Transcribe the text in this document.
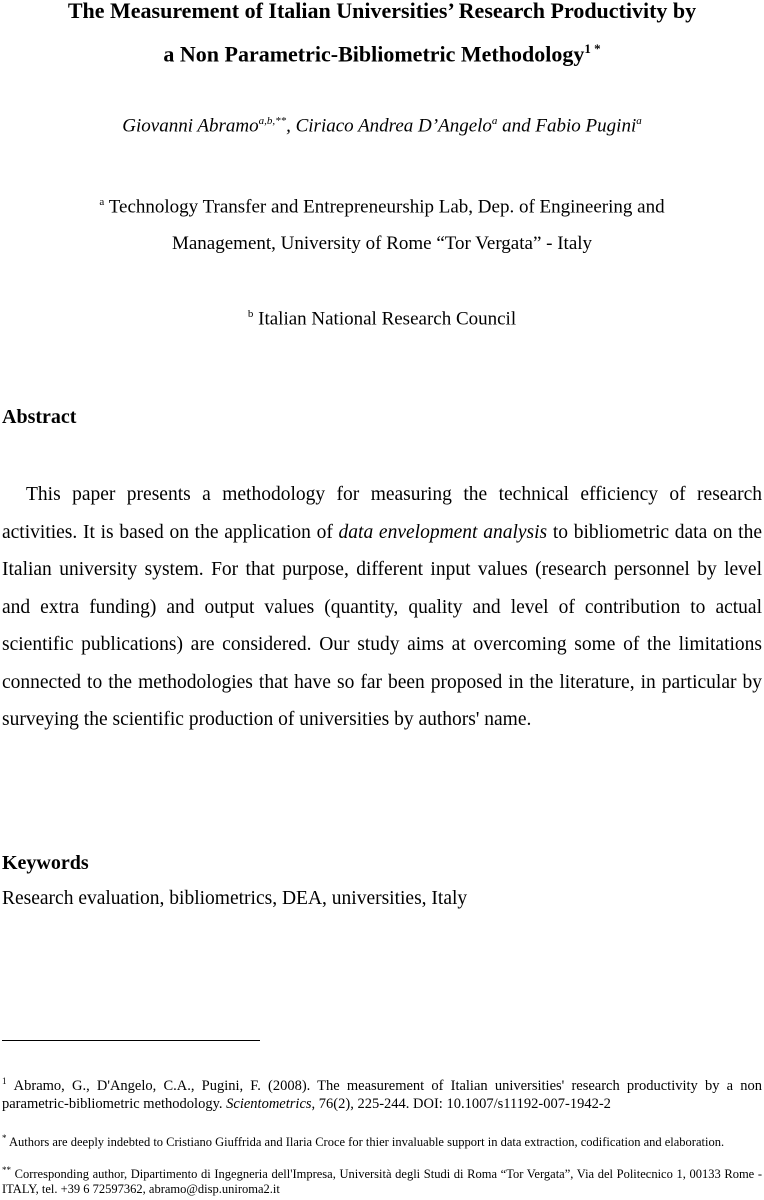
The Measurement of Italian Universities’ Research Productivity by
a Non Parametric-Bibliometric Methodology$^{1 *}$
Giovanni Abramo$^{a,b,**}$, Ciriaco Andrea D’Angelo$^a$ and Fabio Pugini$^a$
$^a$ Technology Transfer and Entrepreneurship Lab, Dep. of Engineering and
Management, University of Rome “Tor Vergata” - Italy
$^b$ Italian National Research Council
Abstract
This paper presents a methodology for measuring the technical efficiency of research activities. It is based on the application of data envelopment analysis to bibliometric data on the Italian university system. For that purpose, different input values (research personnel by level and extra funding) and output values (quantity, quality and level of contribution to actual scientific publications) are considered. Our study aims at overcoming some of the limitations connected to the methodologies that have so far been proposed in the literature, in particular by surveying the scientific production of universities by authors' name.
Keywords
Research evaluation, bibliometrics, DEA, universities, Italy
$^1$ Abramo, G., D'Angelo, C.A., Pugini, F. (2008). The measurement of Italian universities' research productivity by a non parametric-bibliometric methodology. Scientometrics, 76(2), 225-244. DOI: 10.1007/s11192-007-1942-2
* Authors are deeply indebted to Cristiano Giuffrida and Ilaria Croce for thier invaluable support in data extraction, codification and elaboration.
** Corresponding author, Dipartimento di Ingegneria dell'Impresa, Università degli Studi di Roma “Tor Vergata”, Via del Politecnico 1, 00133 Rome - ITALY, tel. +39 6 72597362, abramo@disp.uniroma2.it
